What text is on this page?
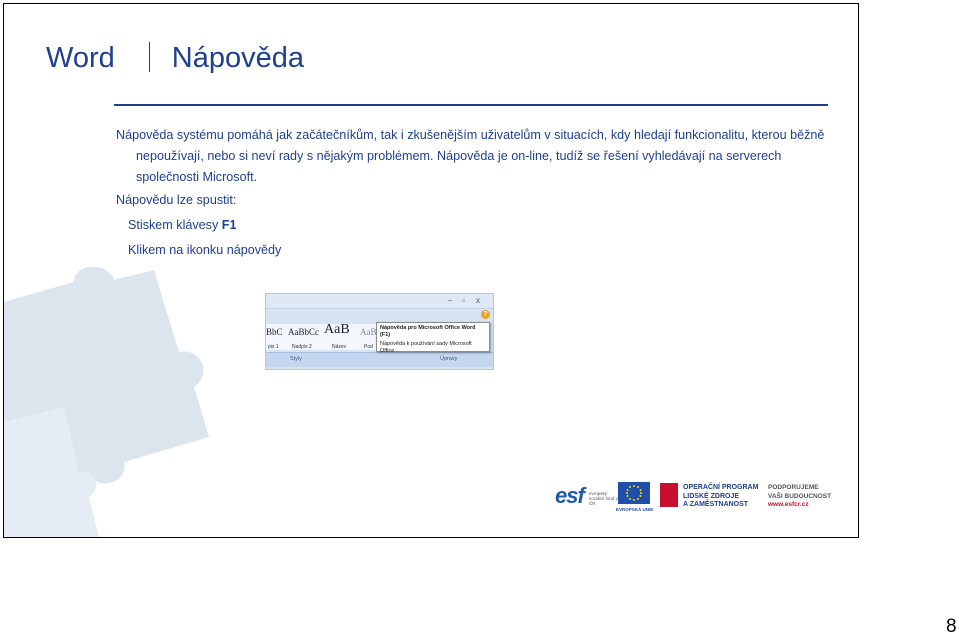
Word Nápověda

Nápověda systému pomáhá jak začátečníkům, tak i zkušenějším uživatelům v situacích, kdy hledají funkcionalitu, kterou běžně nepoužívají, nebo si neví rady s nějakým problémem. Nápověda je on-line, tudíž se řešení vyhledávají na serverech společnosti Microsoft.

Nápovědu lze spustit:

Stiskem klávesy F1

Klikem na ikonku nápovědy

– ▫ x
?
BbC AaBbCc AaB AaB
pis 1	Nadpis 2	Název	Pod
Styly	Úpravy
Nápověda pro Microsoft Office Word (F1)
Nápověda k používání sady Microsoft Office
esf evropský sociální fond v ČR
EVROPSKÁ UNIE
OPERAČNÍ PROGRAM
LIDSKÉ ZDROJE
A ZAMĚSTNANOST
PODPORUJEME
VAŠI BUDOUCNOST
www.esfcr.cz
8
